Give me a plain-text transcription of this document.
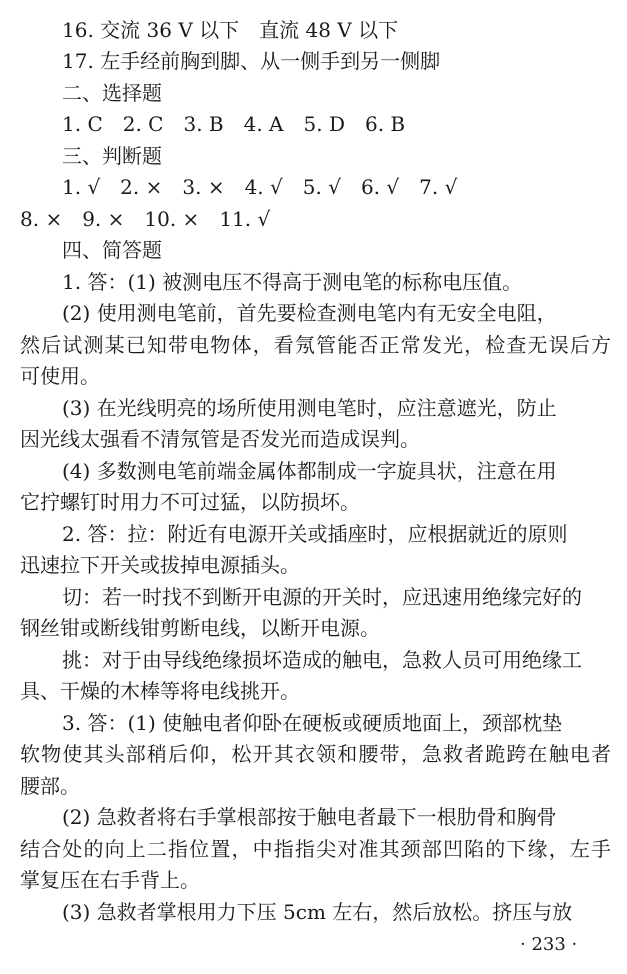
16. 交流 36 V 以下　直流 48 V 以下
17. 左手经前胸到脚、从一侧手到另一侧脚
二、选择题
1. C　2. C　3. B　4. A　5. D　6. B
三、判断题
1. √　2. ×　3. ×　4. √　5. √　6. √　7. √
8. ×　9. ×　10. ×　11. √
四、简答题
1. 答：(1) 被测电压不得高于测电笔的标称电压值。
(2) 使用测电笔前，首先要检查测电笔内有无安全电阻，
然后试测某已知带电物体，看氖管能否正常发光，检查无误后方
可使用。
(3) 在光线明亮的场所使用测电笔时，应注意遮光，防止
因光线太强看不清氖管是否发光而造成误判。
(4) 多数测电笔前端金属体都制成一字旋具状，注意在用
它拧螺钉时用力不可过猛，以防损坏。
2. 答：拉：附近有电源开关或插座时，应根据就近的原则
迅速拉下开关或拔掉电源插头。
切：若一时找不到断开电源的开关时，应迅速用绝缘完好的
钢丝钳或断线钳剪断电线，以断开电源。
挑：对于由导线绝缘损坏造成的触电，急救人员可用绝缘工
具、干燥的木棒等将电线挑开。
3. 答：(1) 使触电者仰卧在硬板或硬质地面上，颈部枕垫
软物使其头部稍后仰，松开其衣领和腰带，急救者跪跨在触电者
腰部。
(2) 急救者将右手掌根部按于触电者最下一根肋骨和胸骨
结合处的向上二指位置，中指指尖对准其颈部凹陷的下缘，左手
掌复压在右手背上。
(3) 急救者掌根用力下压 5cm 左右，然后放松。挤压与放
· 233 ·
